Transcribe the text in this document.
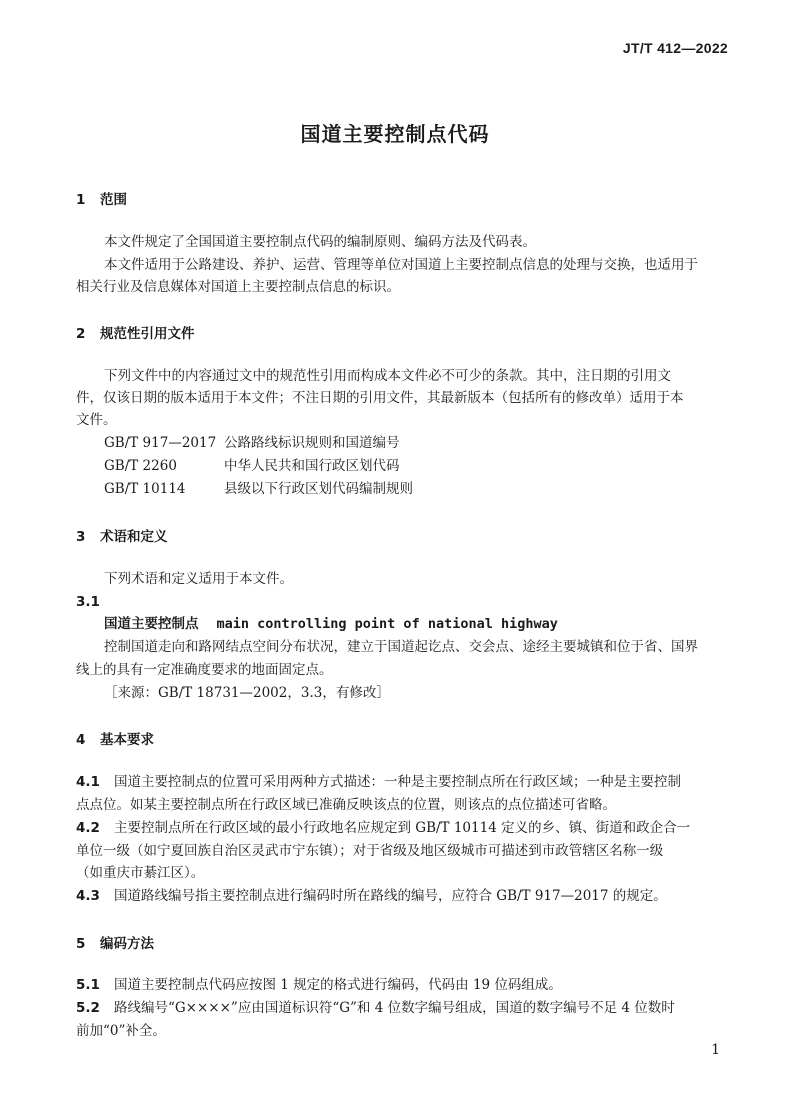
JT/T 412—2022
国道主要控制点代码
1 范围
本文件规定了全国国道主要控制点代码的编制原则、编码方法及代码表。
本文件适用于公路建设、养护、运营、管理等单位对国道上主要控制点信息的处理与交换，也适用于
相关行业及信息媒体对国道上主要控制点信息的标识。
2 规范性引用文件
下列文件中的内容通过文中的规范性引用而构成本文件必不可少的条款。其中，注日期的引用文
件，仅该日期的版本适用于本文件；不注日期的引用文件，其最新版本（包括所有的修改单）适用于本
文件。
GB/T 917—2017 公路路线标识规则和国道编号
GB/T 2260	中华人民共和国行政区划代码
GB/T 10114	县级以下行政区划代码编制规则
3 术语和定义
下列术语和定义适用于本文件。
3.1
国道主要控制点 main controlling point of national highway
控制国道走向和路网结点空间分布状况，建立于国道起讫点、交会点、途经主要城镇和位于省、国界
线上的具有一定准确度要求的地面固定点。
［来源：GB/T 18731—2002，3.3，有修改］
4 基本要求
4.1 国道主要控制点的位置可采用两种方式描述：一种是主要控制点所在行政区域；一种是主要控制
点点位。如某主要控制点所在行政区域已准确反映该点的位置，则该点的点位描述可省略。
4.2 主要控制点所在行政区域的最小行政地名应规定到 GB/T 10114 定义的乡、镇、街道和政企合一
单位一级（如宁夏回族自治区灵武市宁东镇）；对于省级及地区级城市可描述到市政管辖区名称一级
（如重庆市綦江区）。
4.3 国道路线编号指主要控制点进行编码时所在路线的编号，应符合 GB/T 917—2017 的规定。
5 编码方法
5.1 国道主要控制点代码应按图 1 规定的格式进行编码，代码由 19 位码组成。
5.2 路线编号“G××××”应由国道标识符“G”和 4 位数字编号组成，国道的数字编号不足 4 位数时
前加“0”补全。
1
